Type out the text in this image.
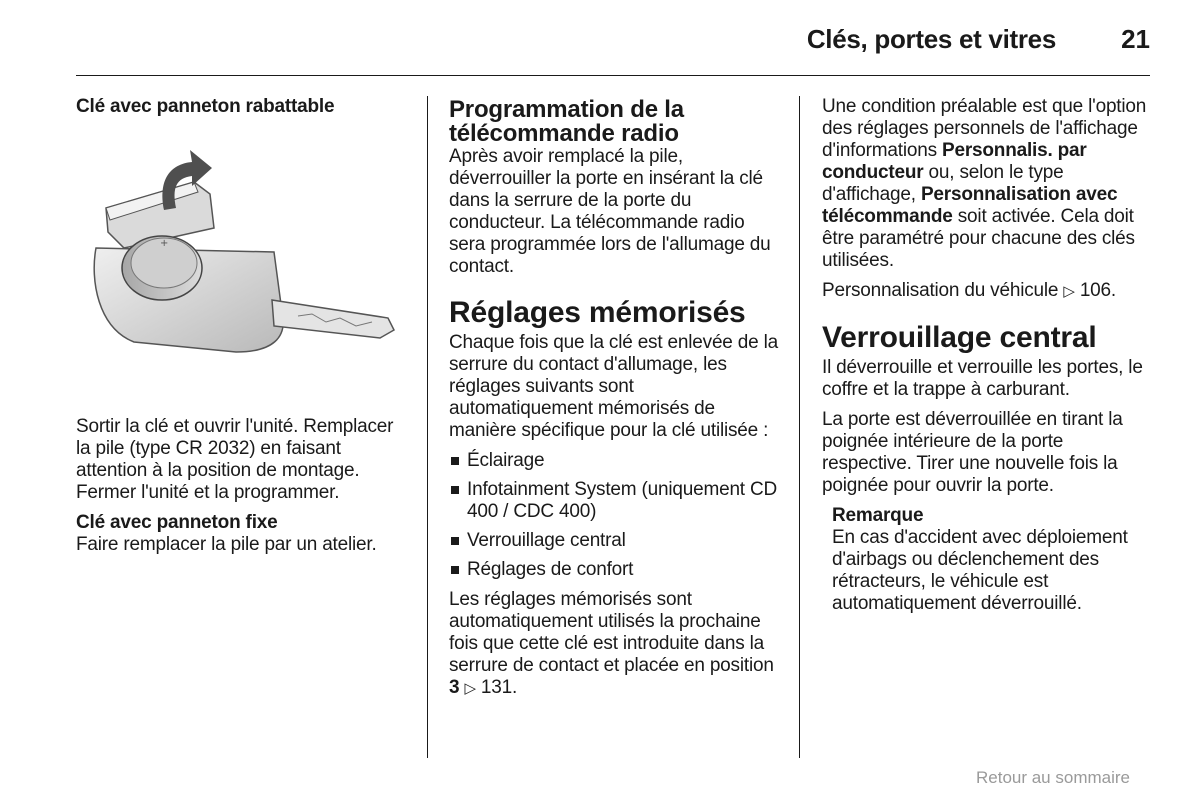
Clés, portes et vitres	21
Clé avec panneton rabattable
+

Sortir la clé et ouvrir l'unité. Remplacer la pile (type CR 2032) en faisant attention à la position de montage. Fermer l'unité et la programmer.

Clé avec panneton fixe

Faire remplacer la pile par un atelier.

Programmation de la télécommande radio

Après avoir remplacé la pile, déverrouiller la porte en insérant la clé dans la serrure de la porte du conducteur. La télécommande radio sera programmée lors de l'allumage du contact.

Réglages mémorisés

Chaque fois que la clé est enlevée de la serrure du contact d'allumage, les réglages suivants sont automatiquement mémorisés de manière spécifique pour la clé utilisée :

Éclairage
Infotainment System (uniquement CD 400 / CDC 400)
Verrouillage central
Réglages de confort

Les réglages mémorisés sont automatiquement utilisés la prochaine fois que cette clé est introduite dans la serrure de contact et placée en position 3 ▷ 131.

Une condition préalable est que l'option des réglages personnels de l'affichage d'informations Personnalis. par conducteur ou, selon le type d'affichage, Personnalisation avec télécommande soit activée. Cela doit être paramétré pour chacune des clés utilisées.

Personnalisation du véhicule ▷ 106.

Verrouillage central

Il déverrouille et verrouille les portes, le coffre et la trappe à carburant.

La porte est déverrouillée en tirant la poignée intérieure de la porte respective. Tirer une nouvelle fois la poignée pour ouvrir la porte.

Remarque

En cas d'accident avec déploiement d'airbags ou déclenchement des rétracteurs, le véhicule est automatiquement déverrouillé.

Retour au sommaire
